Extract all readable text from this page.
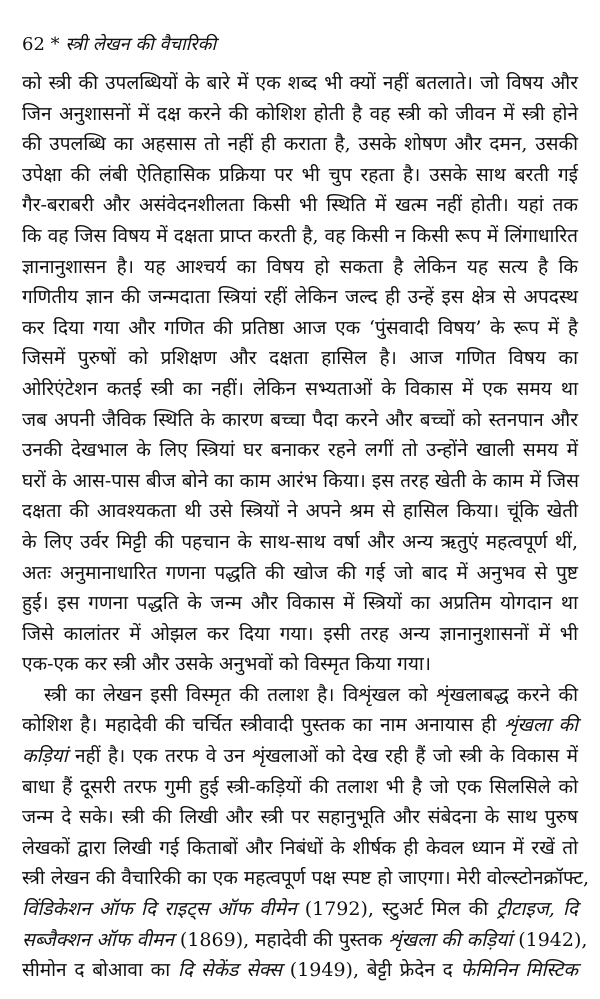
62 * स्त्री लेखन की वैचारिकी
को स्त्री की उपलब्धियों के बारे में एक शब्द भी क्यों नहीं बतलाते। जो विषय और
जिन अनुशासनों में दक्ष करने की कोशिश होती है वह स्त्री को जीवन में स्त्री होने
की उपलब्धि का अहसास तो नहीं ही कराता है, उसके शोषण और दमन, उसकी
उपेक्षा की लंबी ऐतिहासिक प्रक्रिया पर भी चुप रहता है। उसके साथ बरती गई
गैर-बराबरी और असंवेदनशीलता किसी भी स्थिति में खत्म नहीं होती। यहां तक
कि वह जिस विषय में दक्षता प्राप्त करती है, वह किसी न किसी रूप में लिंगाधारित
ज्ञानानुशासन है। यह आश्चर्य का विषय हो सकता है लेकिन यह सत्य है कि
गणितीय ज्ञान की जन्मदाता स्त्रियां रहीं लेकिन जल्द ही उन्हें इस क्षेत्र से अपदस्थ
कर दिया गया और गणित की प्रतिष्ठा आज एक ‘पुंसवादी विषय’ के रूप में है
जिसमें पुरुषों को प्रशिक्षण और दक्षता हासिल है। आज गणित विषय का
ओरिएंटेशन कतई स्त्री का नहीं। लेकिन सभ्यताओं के विकास में एक समय था
जब अपनी जैविक स्थिति के कारण बच्चा पैदा करने और बच्चों को स्तनपान और
उनकी देखभाल के लिए स्त्रियां घर बनाकर रहने लगीं तो उन्होंने खाली समय में
घरों के आस-पास बीज बोने का काम आरंभ किया। इस तरह खेती के काम में जिस
दक्षता की आवश्यकता थी उसे स्त्रियों ने अपने श्रम से हासिल किया। चूंकि खेती
के लिए उर्वर मिट्टी की पहचान के साथ-साथ वर्षा और अन्य ऋतुएं महत्वपूर्ण थीं,
अतः अनुमानाधारित गणना पद्धति की खोज की गई जो बाद में अनुभव से पुष्ट
हुई। इस गणना पद्धति के जन्म और विकास में स्त्रियों का अप्रतिम योगदान था
जिसे कालांतर में ओझल कर दिया गया। इसी तरह अन्य ज्ञानानुशासनों में भी
एक-एक कर स्त्री और उसके अनुभवों को विस्मृत किया गया।
स्त्री का लेखन इसी विस्मृत की तलाश है। विशृंखल को शृंखलाबद्ध करने की
कोशिश है। महादेवी की चर्चित स्त्रीवादी पुस्तक का नाम अनायास ही शृंखला की
कड़ियां नहीं है। एक तरफ वे उन शृंखलाओं को देख रही हैं जो स्त्री के विकास में
बाधा हैं दूसरी तरफ गुमी हुई स्त्री-कड़ियों की तलाश भी है जो एक सिलसिले को
जन्म दे सके। स्त्री की लिखी और स्त्री पर सहानुभूति और संबेदना के साथ पुरुष
लेखकों द्वारा लिखी गई किताबों और निबंधों के शीर्षक ही केवल ध्यान में रखें तो
स्त्री लेखन की वैचारिकी का एक महत्वपूर्ण पक्ष स्पष्ट हो जाएगा। मेरी वोल्स्टोनक्रॉफ्ट,
विंडिकेशन ऑफ दि राइट्स ऑफ वीमेन (1792), स्टुअर्ट मिल की ट्रीटाइज, दि
सब्जैक्शन ऑफ वीमन (1869), महादेवी की पुस्तक शृंखला की कड़ियां (1942),
सीमोन द बोआवा का दि सेकेंड सेक्स (1949), बेट्टी फ्रेदेन द फेमिनिन मिस्टिक
